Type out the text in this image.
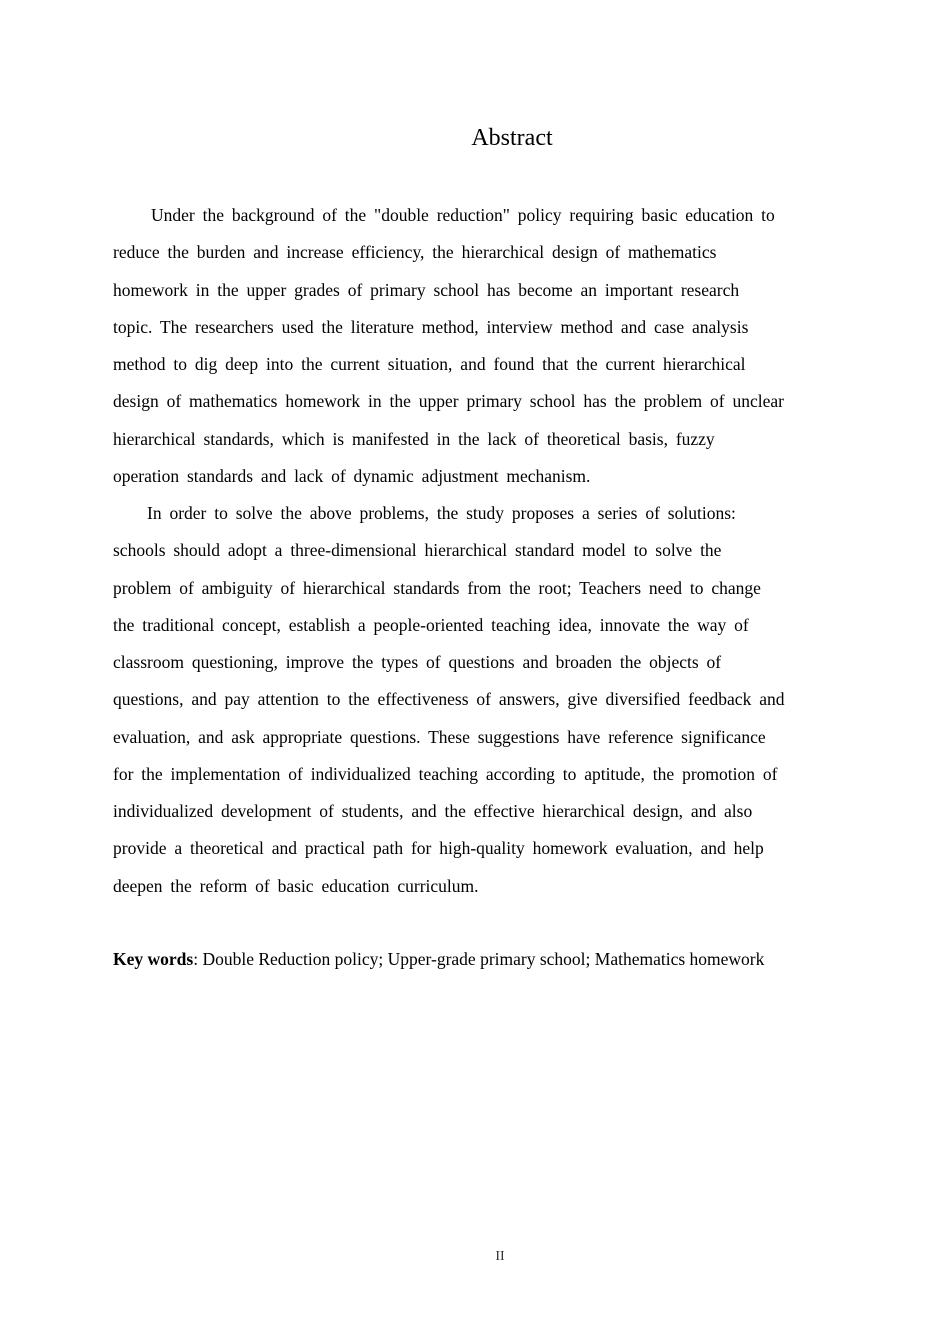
Abstract
Under the background of the "double reduction" policy requiring basic education to
reduce the burden and increase efficiency, the hierarchical design of mathematics
homework in the upper grades of primary school has become an important research
topic. The researchers used the literature method, interview method and case analysis
method to dig deep into the current situation, and found that the current hierarchical
design of mathematics homework in the upper primary school has the problem of unclear
hierarchical standards, which is manifested in the lack of theoretical basis, fuzzy
operation standards and lack of dynamic adjustment mechanism.
In order to solve the above problems, the study proposes a series of solutions:
schools should adopt a three-dimensional hierarchical standard model to solve the
problem of ambiguity of hierarchical standards from the root; Teachers need to change
the traditional concept, establish a people-oriented teaching idea, innovate the way of
classroom questioning, improve the types of questions and broaden the objects of
questions, and pay attention to the effectiveness of answers, give diversified feedback and
evaluation, and ask appropriate questions. These suggestions have reference significance
for the implementation of individualized teaching according to aptitude, the promotion of
individualized development of students, and the effective hierarchical design, and also
provide a theoretical and practical path for high-quality homework evaluation, and help
deepen the reform of basic education curriculum.
Key words: Double Reduction policy; Upper-grade primary school; Mathematics homework
II
